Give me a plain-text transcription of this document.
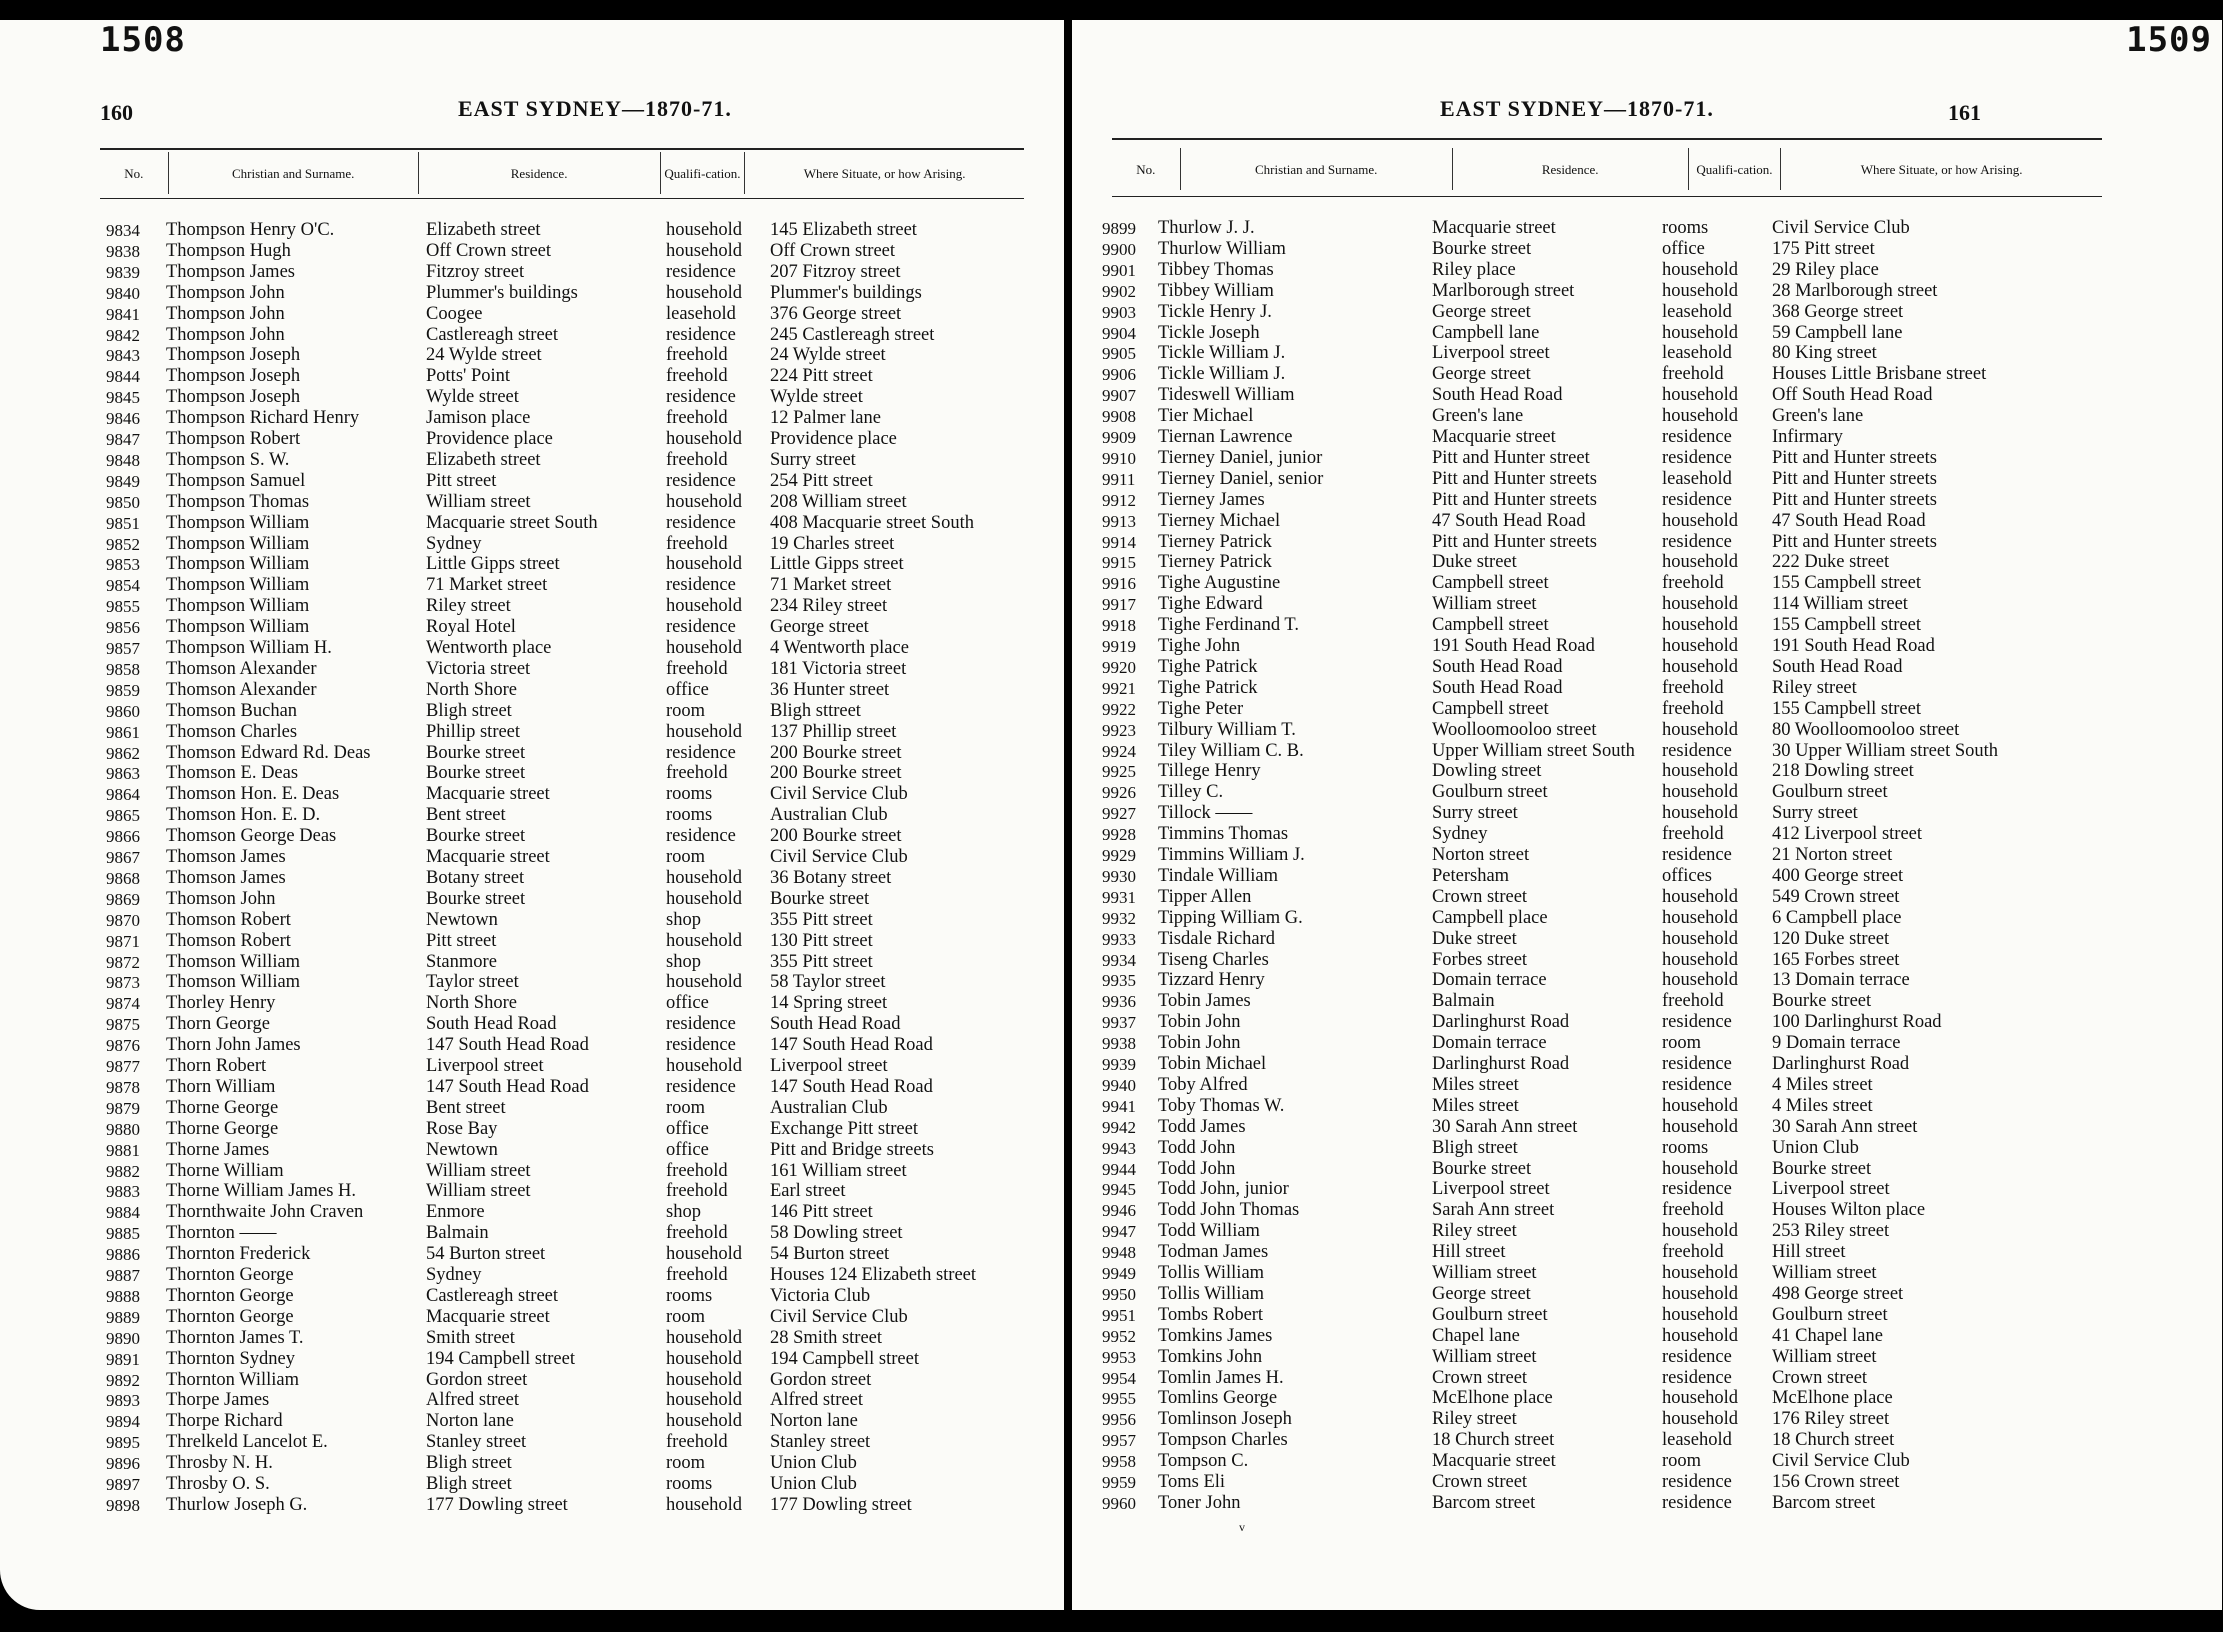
1508
160	EAST SYDNEY—1870-71.
No.	Christian and Surname.	Residence.	Qualifi-cation.	Where Situate, or how Arising.
9834 Thompson Henry O'C.	Elizabeth street	household 145 Elizabeth street
9838 Thompson Hugh	Off Crown street	household Off Crown street
9839 Thompson James	Fitzroy street	residence 207 Fitzroy street
9840 Thompson John	Plummer's buildings	household Plummer's buildings
9841 Thompson John	Coogee	leasehold 376 George street
9842 Thompson John	Castlereagh street	residence 245 Castlereagh street
9843 Thompson Joseph	24 Wylde street	freehold 24 Wylde street
9844 Thompson Joseph	Potts' Point	freehold 224 Pitt street
9845 Thompson Joseph	Wylde street	residence Wylde street
9846 Thompson Richard Henry	Jamison place	freehold 12 Palmer lane
9847 Thompson Robert	Providence place	household Providence place
9848 Thompson S. W.	Elizabeth street	freehold Surry street
9849 Thompson Samuel	Pitt street	residence 254 Pitt street
9850 Thompson Thomas	William street	household 208 William street
9851 Thompson William	Macquarie street South	residence 408 Macquarie street South
9852 Thompson William	Sydney	freehold 19 Charles street
9853 Thompson William	Little Gipps street	household Little Gipps street
9854 Thompson William	71 Market street	residence 71 Market street
9855 Thompson William	Riley street	household 234 Riley street
9856 Thompson William	Royal Hotel	residence George street
9857 Thompson William H.	Wentworth place	household 4 Wentworth place
9858 Thomson Alexander	Victoria street	freehold 181 Victoria street
9859 Thomson Alexander	North Shore	office	36 Hunter street
9860 Thomson Buchan	Bligh street	room	Bligh sttreet
9861 Thomson Charles	Phillip street	household 137 Phillip street
9862 Thomson Edward Rd. Deas	Bourke street	residence 200 Bourke street
9863 Thomson E. Deas	Bourke street	freehold 200 Bourke street
9864 Thomson Hon. E. Deas	Macquarie street	rooms	Civil Service Club
9865 Thomson Hon. E. D.	Bent street	rooms	Australian Club
9866 Thomson George Deas	Bourke street	residence 200 Bourke street
9867 Thomson James	Macquarie street	room	Civil Service Club
9868 Thomson James	Botany street	household 36 Botany street
9869 Thomson John	Bourke street	household Bourke street
9870 Thomson Robert	Newtown	shop	355 Pitt street
9871 Thomson Robert	Pitt street	household 130 Pitt street
9872 Thomson William	Stanmore	shop	355 Pitt street
9873 Thomson William	Taylor street	household 58 Taylor street
9874 Thorley Henry	North Shore	office	14 Spring street
9875 Thorn George	South Head Road	residence South Head Road
9876 Thorn John James	147 South Head Road	residence 147 South Head Road
9877 Thorn Robert	Liverpool street	household Liverpool street
9878 Thorn William	147 South Head Road	residence 147 South Head Road
9879 Thorne George	Bent street	room	Australian Club
9880 Thorne George	Rose Bay	office	Exchange Pitt street
9881 Thorne James	Newtown	office	Pitt and Bridge streets
9882 Thorne William	William street	freehold 161 William street
9883 Thorne William James H.	William street	freehold Earl street
9884 Thornthwaite John Craven	Enmore	shop	146 Pitt street
9885 Thornton ——	Balmain	freehold 58 Dowling street
9886 Thornton Frederick	54 Burton street	household 54 Burton street
9887 Thornton George	Sydney	freehold Houses 124 Elizabeth street
9888 Thornton George	Castlereagh street	rooms	Victoria Club
9889 Thornton George	Macquarie street	room	Civil Service Club
9890 Thornton James T.	Smith street	household 28 Smith street
9891 Thornton Sydney	194 Campbell street	household 194 Campbell street
9892 Thornton William	Gordon street	household Gordon street
9893 Thorpe James	Alfred street	household Alfred street
9894 Thorpe Richard	Norton lane	household Norton lane
9895 Threlkeld Lancelot E.	Stanley street	freehold Stanley street
9896 Throsby N. H.	Bligh street	room	Union Club
9897 Throsby O. S.	Bligh street	rooms	Union Club
9898 Thurlow Joseph G.	177 Dowling street	household 177 Dowling street
1509
161
EAST SYDNEY—1870-71.
No.	Christian and Surname.	Residence.	Qualifi-cation.	Where Situate, or how Arising.
9899 Thurlow J. J.	Macquarie street	rooms	Civil Service Club
9900 Thurlow William	Bourke street	office	175 Pitt street
9901 Tibbey Thomas	Riley place	household 29 Riley place
9902 Tibbey William	Marlborough street	household 28 Marlborough street
9903 Tickle Henry J.	George street	leasehold 368 George street
9904 Tickle Joseph	Campbell lane	household 59 Campbell lane
9905 Tickle William J.	Liverpool street	leasehold 80 King street
9906 Tickle William J.	George street	freehold	Houses Little Brisbane street
9907 Tideswell William	South Head Road	household Off South Head Road
9908 Tier Michael	Green's lane	household Green's lane
9909 Tiernan Lawrence	Macquarie street	residence Infirmary
9910 Tierney Daniel, junior	Pitt and Hunter street	residence Pitt and Hunter streets
9911 Tierney Daniel, senior	Pitt and Hunter streets	leasehold Pitt and Hunter streets
9912 Tierney James	Pitt and Hunter streets	residence Pitt and Hunter streets
9913 Tierney Michael	47 South Head Road	household 47 South Head Road
9914 Tierney Patrick	Pitt and Hunter streets	residence Pitt and Hunter streets
9915 Tierney Patrick	Duke street	household 222 Duke street
9916 Tighe Augustine	Campbell street	freehold	155 Campbell street
9917 Tighe Edward	William street	household 114 William street
9918 Tighe Ferdinand T.	Campbell street	household 155 Campbell street
9919 Tighe John	191 South Head Road	household 191 South Head Road
9920 Tighe Patrick	South Head Road	household South Head Road
9921 Tighe Patrick	South Head Road	freehold	Riley street
9922 Tighe Peter	Campbell street	freehold	155 Campbell street
9923 Tilbury William T.	Woolloomooloo street	household 80 Woolloomooloo street
9924 Tiley William C. B.	Upper William street South residence 30 Upper William street South
9925 Tillege Henry	Dowling street	household 218 Dowling street
9926 Tilley C.	Goulburn street	household Goulburn street
9927 Tillock ——	Surry street	household Surry street
9928 Timmins Thomas	Sydney	freehold	412 Liverpool street
9929 Timmins William J.	Norton street	residence 21 Norton street
9930 Tindale William	Petersham	offices	400 George street
9931 Tipper Allen	Crown street	household 549 Crown street
9932 Tipping William G.	Campbell place	household 6 Campbell place
9933 Tisdale Richard	Duke street	household 120 Duke street
9934 Tiseng Charles	Forbes street	household 165 Forbes street
9935 Tizzard Henry	Domain terrace	household 13 Domain terrace
9936 Tobin James	Balmain	freehold	Bourke street
9937 Tobin John	Darlinghurst Road	residence 100 Darlinghurst Road
9938 Tobin John	Domain terrace	room	9 Domain terrace
9939 Tobin Michael	Darlinghurst Road	residence Darlinghurst Road
9940 Toby Alfred	Miles street	residence 4 Miles street
9941 Toby Thomas W.	Miles street	household 4 Miles street
9942 Todd James	30 Sarah Ann street	household 30 Sarah Ann street
9943 Todd John	Bligh street	rooms	Union Club
9944 Todd John	Bourke street	household Bourke street
9945 Todd John, junior	Liverpool street	residence Liverpool street
9946 Todd John Thomas	Sarah Ann street	freehold	Houses Wilton place
9947 Todd William	Riley street	household 253 Riley street
9948 Todman James	Hill street	freehold	Hill street
9949 Tollis William	William street	household William street
9950 Tollis William	George street	household 498 George street
9951 Tombs Robert	Goulburn street	household Goulburn street
9952 Tomkins James	Chapel lane	household 41 Chapel lane
9953 Tomkins John	William street	residence William street
9954 Tomlin James H.	Crown street	residence Crown street
9955 Tomlins George	McElhone place	household McElhone place
9956 Tomlinson Joseph	Riley street	household 176 Riley street
9957 Tompson Charles	18 Church street	leasehold 18 Church street
9958 Tompson C.	Macquarie street	room	Civil Service Club
9959 Toms Eli	Crown street	residence 156 Crown street
9960 Toner John	Barcom street	residence Barcom street
v
